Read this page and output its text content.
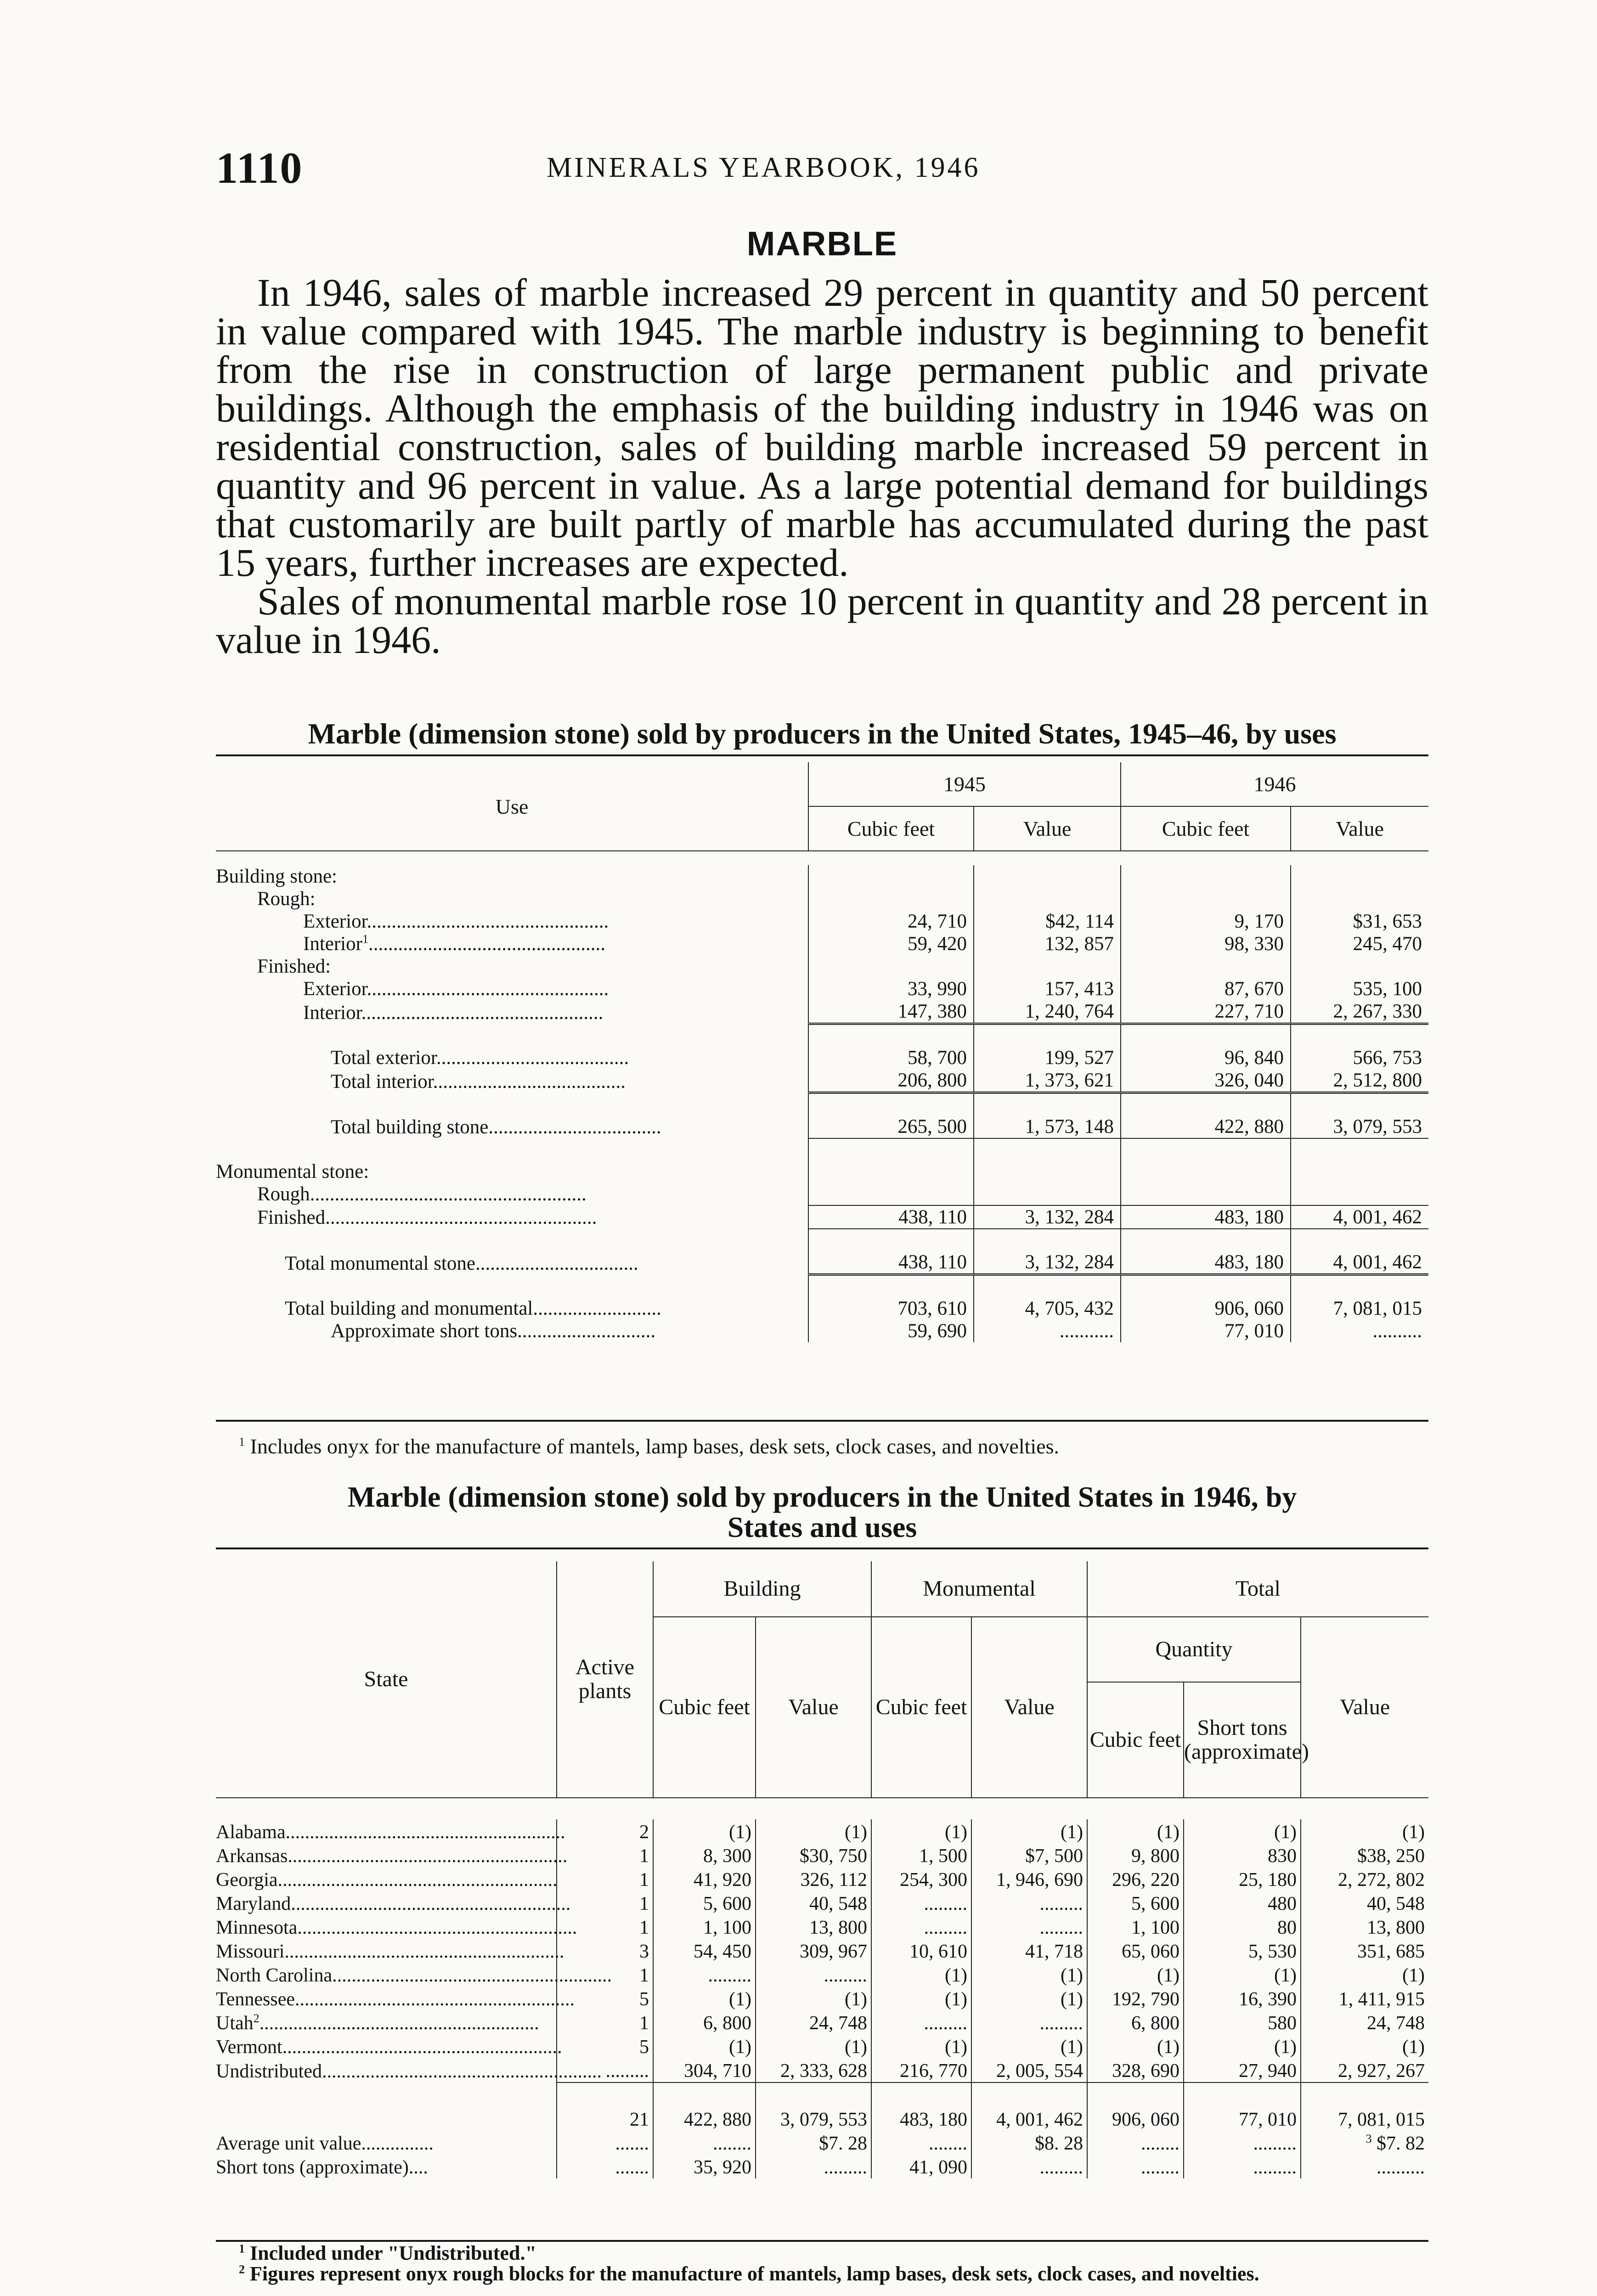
1110	MINERALS YEARBOOK, 1946
MARBLE

In 1946, sales of marble increased 29 percent in quantity and 50 percent in value compared with 1945. The marble industry is beginning to benefit from the rise in construction of large permanent public and private buildings. Although the emphasis of the building industry in 1946 was on residential construction, sales of building marble increased 59 percent in quantity and 96 percent in value. As a large potential demand for buildings that customarily are built partly of marble has accumulated during the past 15 years, further increases are expected.

Sales of monumental marble rose 10 percent in quantity and 28 percent in value in 1946.

Marble (dimension stone) sold by producers in the United States, 1945–46, by uses
Use	1945		1946	
	Cubic feet	Value	Cubic feet	Value

Building stone:				
Rough:				
Exterior.................................................	24, 710	$42, 114	9, 170	$31, 653
Interior$^1$................................................	59, 420	132, 857	98, 330	245, 470
Finished:				
Exterior.................................................	33, 990	157, 413	87, 670	535, 100
Interior.................................................	147, 380	1, 240, 764	227, 710	2, 267, 330

Total exterior.......................................	58, 700	199, 527	96, 840	566, 753
Total interior.......................................	206, 800	1, 373, 621	326, 040	2, 512, 800

Total building stone...................................	265, 500	1, 573, 148	422, 880	3, 079, 553

Monumental stone:				
Rough........................................................				
Finished.......................................................	438, 110	3, 132, 284	483, 180	4, 001, 462

Total monumental stone.................................	438, 110	3, 132, 284	483, 180	4, 001, 462

Total building and monumental..........................	703, 610	4, 705, 432	906, 060	7, 081, 015
Approximate short tons............................	59, 690	...........	77, 010	..........

$^1$ Includes onyx for the manufacture of mantels, lamp bases, desk sets, clock cases, and novelties.
Marble (dimension stone) sold by producers in the United States in 1946, by
States and uses
State	Active plants	Building		Monumental		Total		
		Cubic feet	Value	Cubic feet	Value	Quantity		Value
						Cubic feet	Short tons (approximate)	

Alabama..........................................................	2	(1)	(1)	(1)	(1)	(1)	(1)	(1)
Arkansas..........................................................	1	8, 300	$30, 750	1, 500	$7, 500	9, 800	830	$38, 250
Georgia..........................................................	1	41, 920	326, 112	254, 300	1, 946, 690	296, 220	25, 180	2, 272, 802
Maryland..........................................................	1	5, 600	40, 548	.........	.........	5, 600	480	40, 548
Minnesota..........................................................	1	1, 100	13, 800	.........	.........	1, 100	80	13, 800
Missouri..........................................................	3	54, 450	309, 967	10, 610	41, 718	65, 060	5, 530	351, 685
North Carolina..........................................................	1	.........	.........	(1)	(1)	(1)	(1)	(1)
Tennessee..........................................................	5	(1)	(1)	(1)	(1)	192, 790	16, 390	1, 411, 915
Utah$^2$..........................................................	1	6, 800	24, 748	.........	.........	6, 800	580	24, 748
Vermont..........................................................	5	(1)	(1)	(1)	(1)	(1)	(1)	(1)
Undistributed..........................................................	.........	304, 710	2, 333, 628	216, 770	2, 005, 554	328, 690	27, 940	2, 927, 267

	21	422, 880	3, 079, 553	483, 180	4, 001, 462	906, 060	77, 010	7, 081, 015
Average unit value...............	.......	........	$7. 28	........	$8. 28	........	.........	$^3$ $7. 82
Short tons (approximate)....	.......	35, 920	.........	41, 090	.........	........	.........	..........

$^1$ Included under "Undistributed."
$^2$ Figures represent onyx rough blocks for the manufacture of mantels, lamp bases, desk sets, clock cases, and novelties.
